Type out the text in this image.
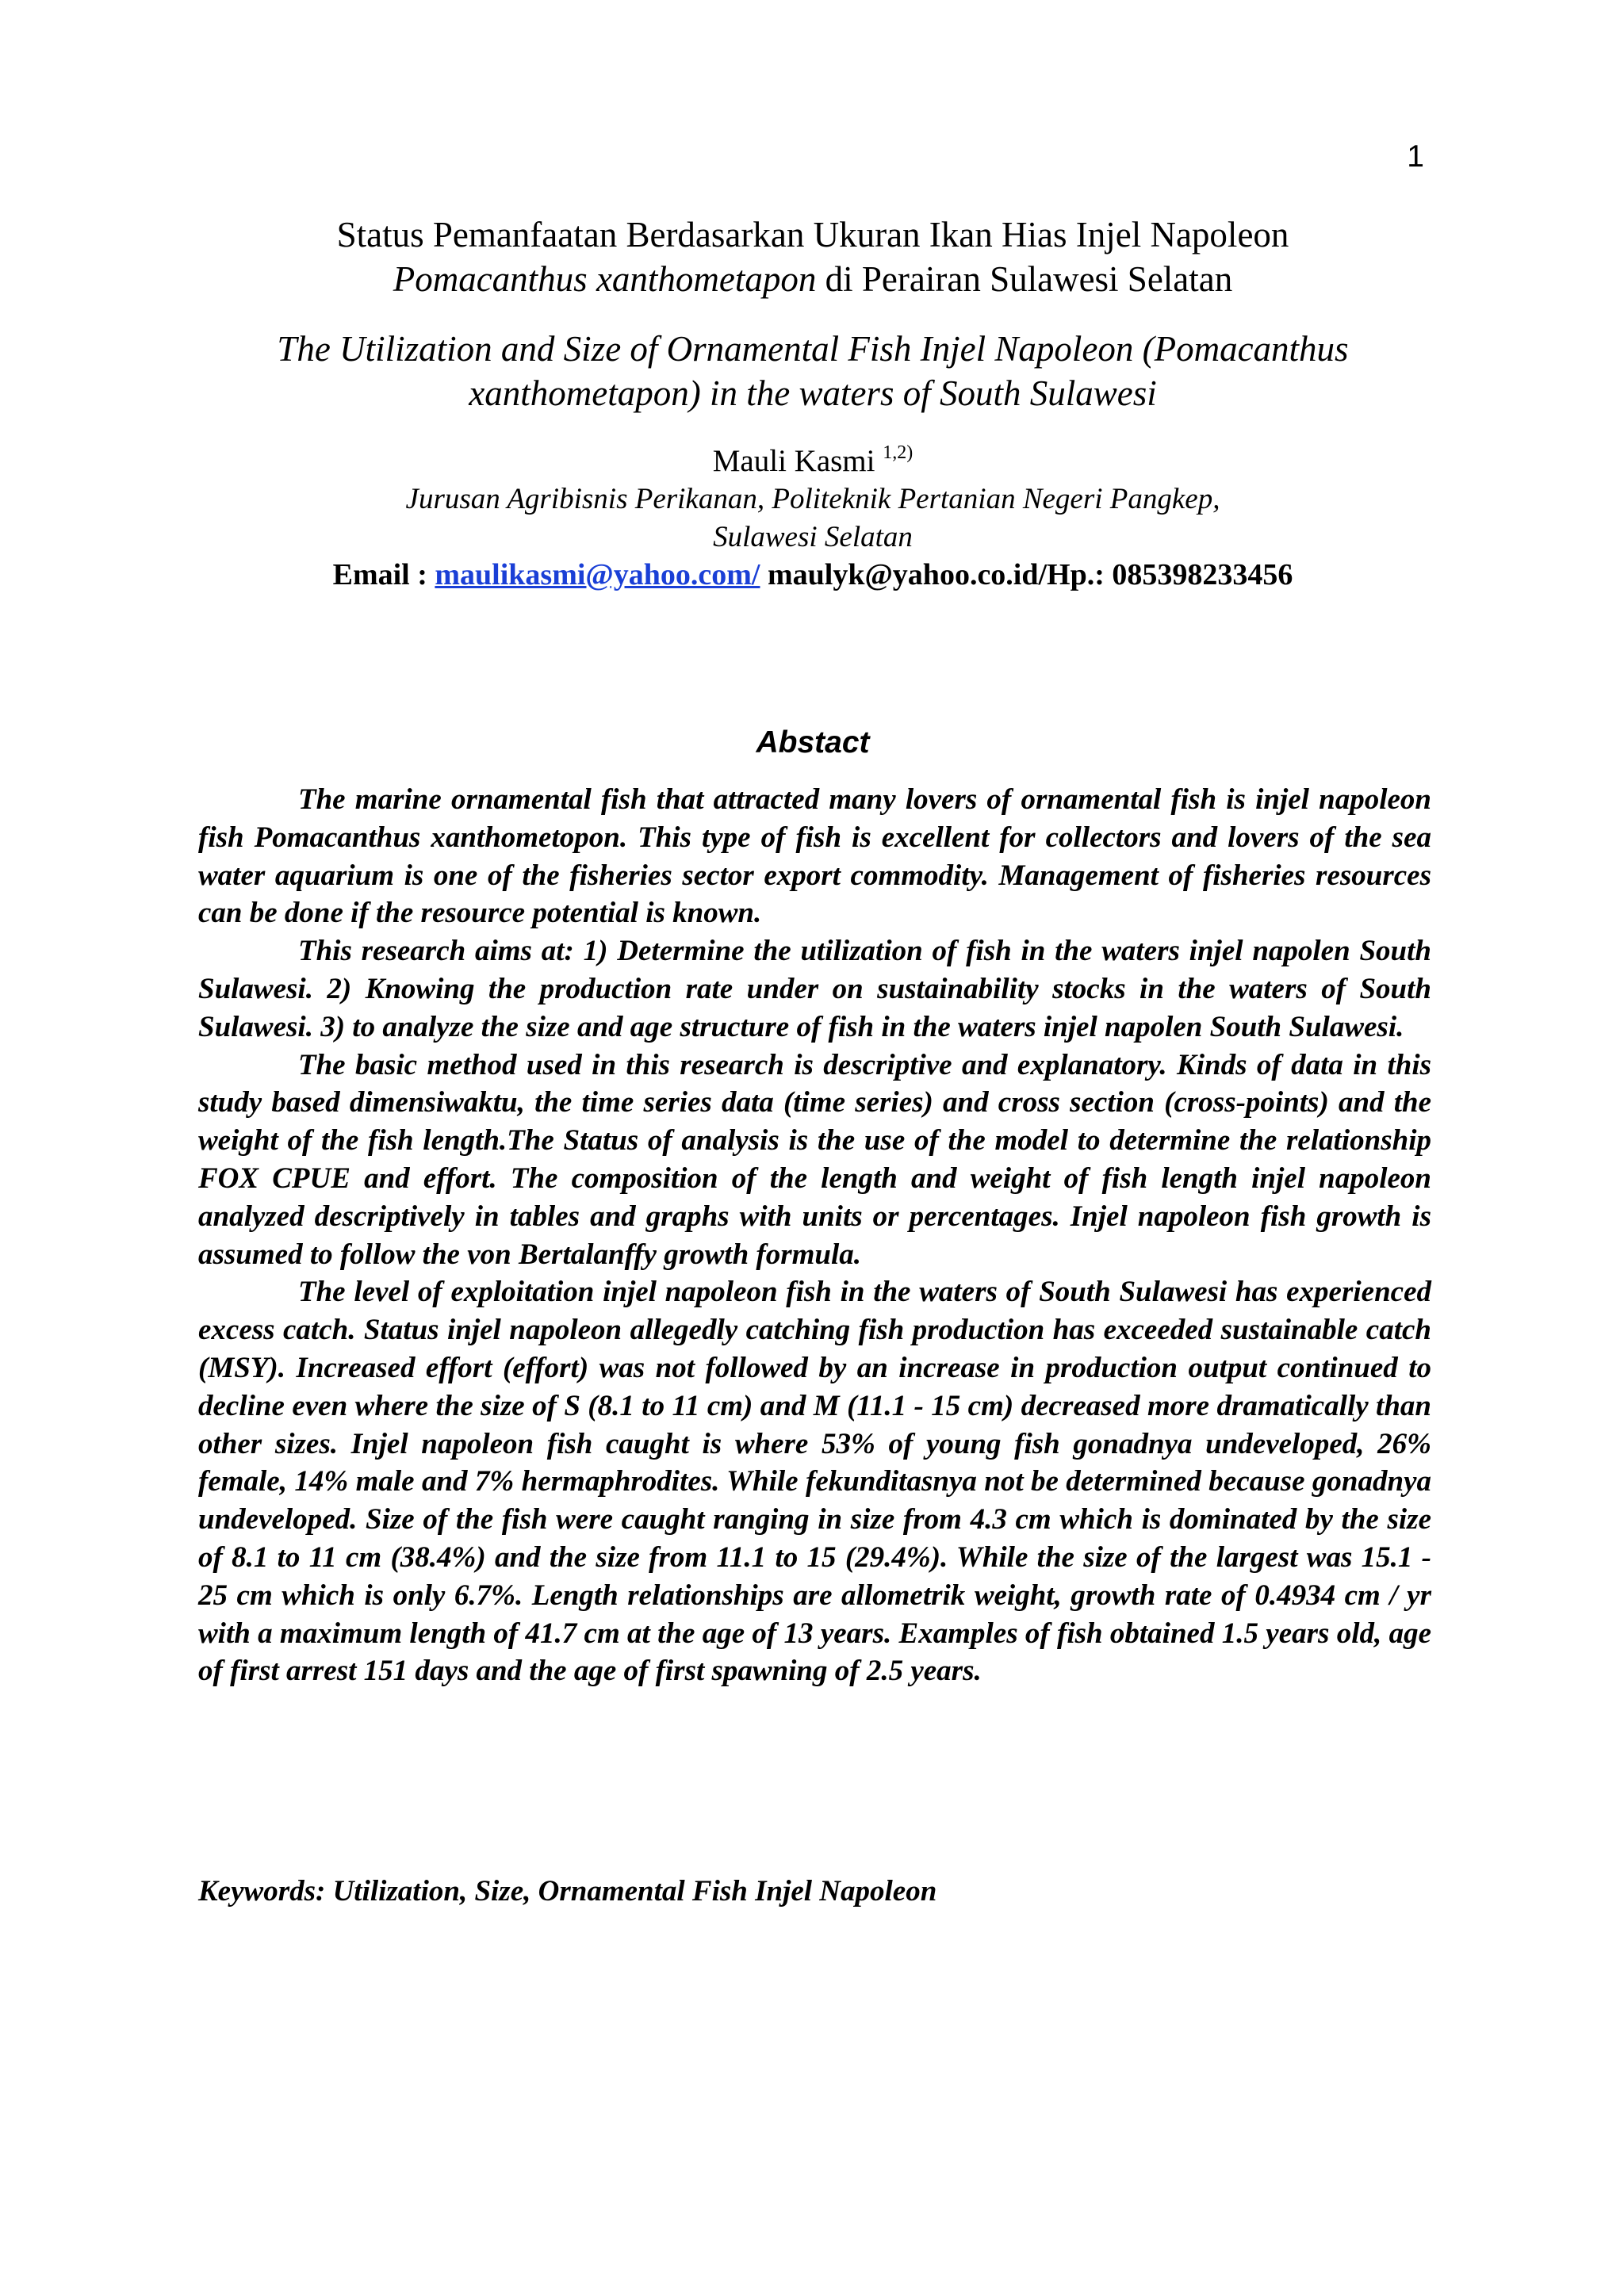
1
Status Pemanfaatan Berdasarkan Ukuran Ikan Hias Injel Napoleon
Pomacanthus xanthometapon di Perairan Sulawesi Selatan
The Utilization and Size of Ornamental Fish Injel Napoleon (Pomacanthus
xanthometapon) in the waters of South Sulawesi
Mauli Kasmi $^{1,2)}$
Jurusan Agribisnis Perikanan, Politeknik Pertanian Negeri Pangkep,
Sulawesi Selatan
Email : maulikasmi@yahoo.com/ maulyk@yahoo.co.id/Hp.: 085398233456
Abstact

The marine ornamental fish that attracted many lovers of ornamental fish is injel napoleon fish Pomacanthus xanthometopon. This type of fish is excellent for collectors and lovers of the sea water aquarium is one of the fisheries sector export commodity. Management of fisheries resources can be done if the resource potential is known.

This research aims at: 1) Determine the utilization of fish in the waters injel napolen South Sulawesi. 2) Knowing the production rate under on sustainability stocks in the waters of South Sulawesi. 3) to analyze the size and age structure of fish in the waters injel napolen South Sulawesi.

The basic method used in this research is descriptive and explanatory. Kinds of data in this study based dimensiwaktu, the time series data (time series) and cross section (cross-points) and the weight of the fish length.The Status of analysis is the use of the model to determine the relationship FOX CPUE and effort. The composition of the length and weight of fish length injel napoleon analyzed descriptively in tables and graphs with units or percentages. Injel napoleon fish growth is assumed to follow the von Bertalanffy growth formula.

The level of exploitation injel napoleon fish in the waters of South Sulawesi has experienced excess catch. Status injel napoleon allegedly catching fish production has exceeded sustainable catch (MSY). Increased effort (effort) was not followed by an increase in production output continued to decline even where the size of S (8.1 to 11 cm) and M (11.1 - 15 cm) decreased more dramatically than other sizes. Injel napoleon fish caught is where 53% of young fish gonadnya undeveloped, 26% female, 14% male and 7% hermaphrodites. While fekunditasnya not be determined because gonadnya undeveloped. Size of the fish were caught ranging in size from 4.3 cm which is dominated by the size of 8.1 to 11 cm (38.4%) and the size from 11.1 to 15 (29.4%). While the size of the largest was 15.1 - 25 cm which is only 6.7%. Length relationships are allometrik weight, growth rate of 0.4934 cm / yr with a maximum length of 41.7 cm at the age of 13 years. Examples of fish obtained 1.5 years old, age of first arrest 151 days and the age of first spawning of 2.5 years.

Keywords: Utilization, Size, Ornamental Fish Injel Napoleon
